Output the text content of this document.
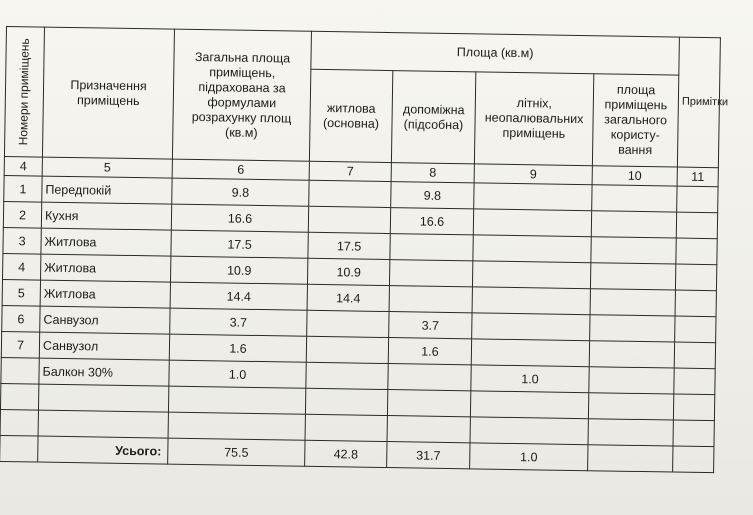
Номери приміщень	Призначення приміщень	Загальна площа приміщень, підрахована за формулами розрахунку площ (кв.м)	Площа (кв.м)				Примітки
			житлова (основна)	допоміжна (підсобна)	літніх, неопалювальних приміщень	площа приміщень загального користу-вання	
4	5	6	7	8	9	10	11
1	Передпокій	9.8		9.8			
2	Кухня	16.6		16.6			
3	Житлова	17.5	17.5				
4	Житлова	10.9	10.9				
5	Житлова	14.4	14.4				
6	Санвузол	3.7		3.7			
7	Санвузол	1.6		1.6			
	Балкон 30%	1.0			1.0		

	Усього:	75.5	42.8	31.7	1.0		
